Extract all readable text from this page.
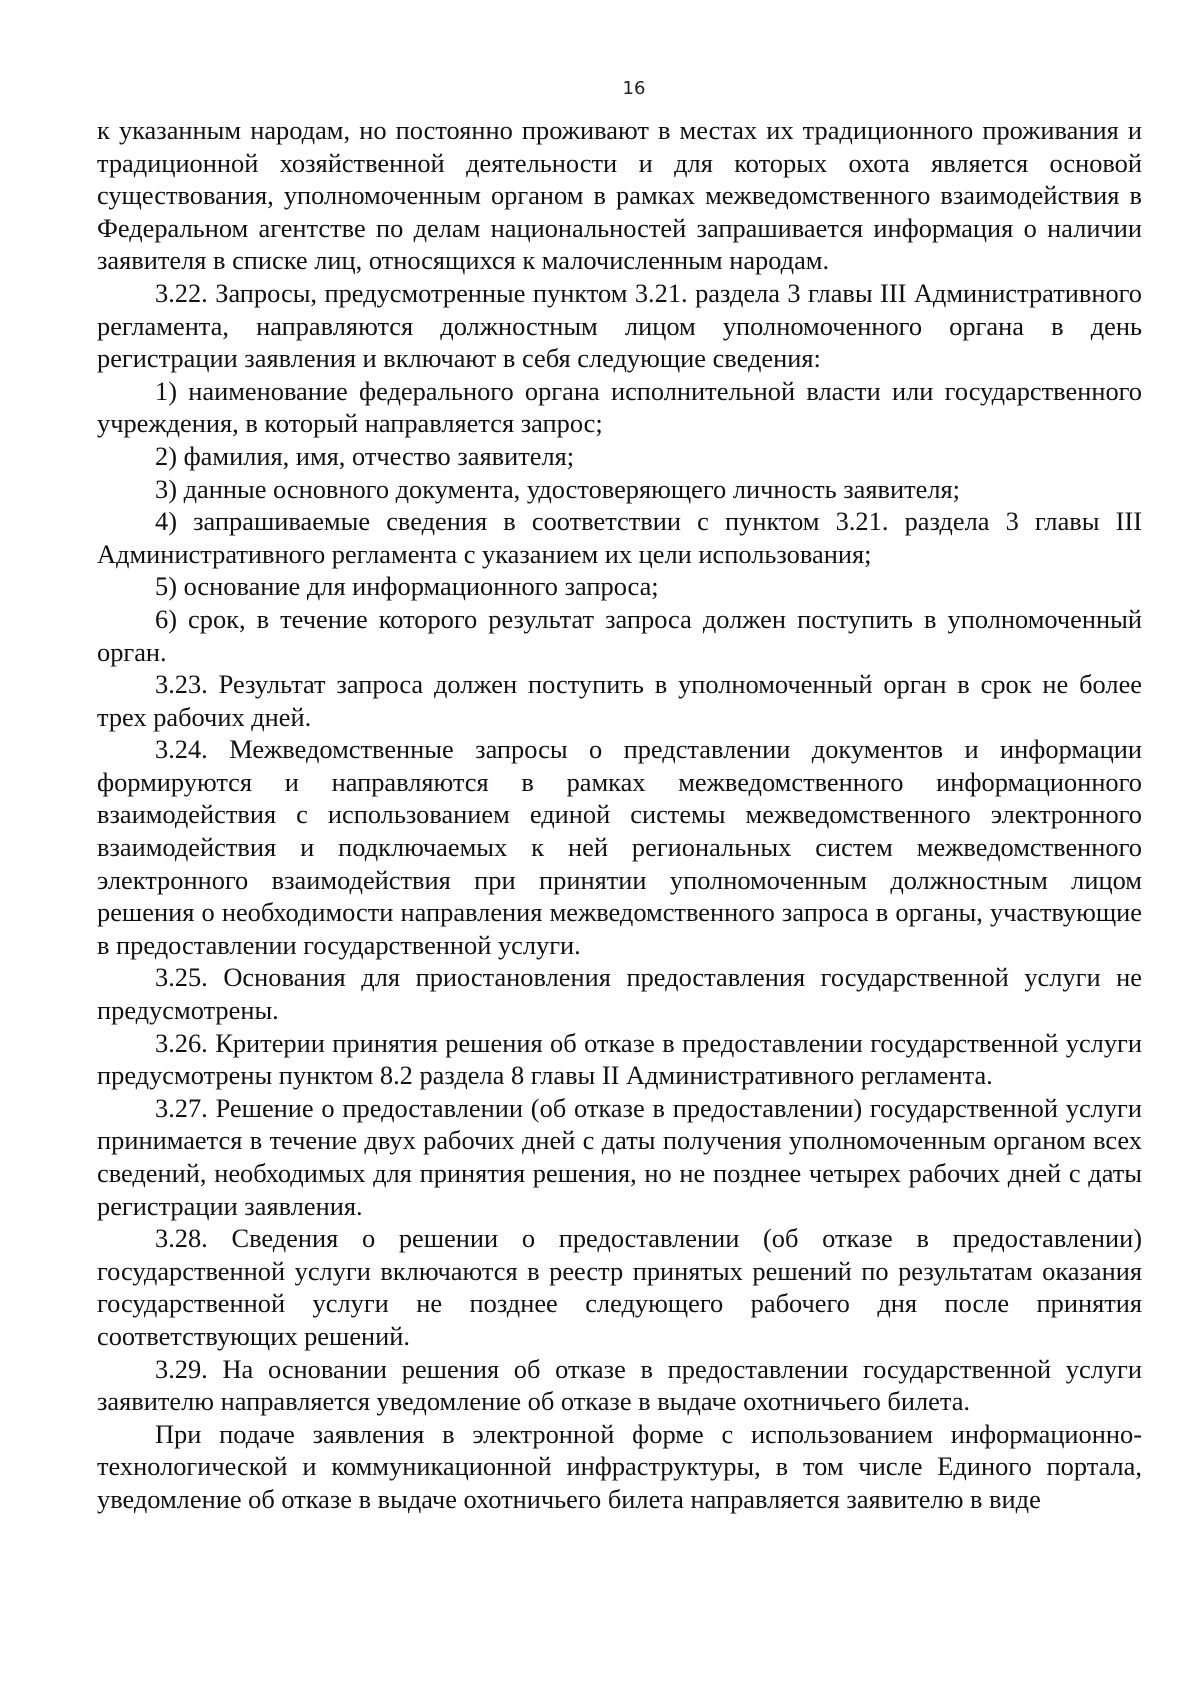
16

к указанным народам, но постоянно проживают в местах их традиционного проживания и традиционной хозяйственной деятельности и для которых охота является основой существования, уполномоченным органом в рамках межведомственного взаимодействия в Федеральном агентстве по делам национальностей запрашивается информация о наличии заявителя в списке лиц, относящихся к малочисленным народам.

3.22. Запросы, предусмотренные пунктом 3.21. раздела 3 главы III Административного регламента, направляются должностным лицом уполномоченного органа в день регистрации заявления и включают в себя следующие сведения:

1) наименование федерального органа исполнительной власти или государственного учреждения, в который направляется запрос;

2) фамилия, имя, отчество заявителя;

3) данные основного документа, удостоверяющего личность заявителя;

4) запрашиваемые сведения в соответствии с пунктом 3.21. раздела 3 главы III Административного регламента с указанием их цели использования;

5) основание для информационного запроса;

6) срок, в течение которого результат запроса должен поступить в уполномоченный орган.

3.23. Результат запроса должен поступить в уполномоченный орган в срок не более трех рабочих дней.

3.24. Межведомственные запросы о представлении документов и информации формируются и направляются в рамках межведомственного информационного взаимодействия с использованием единой системы межведомственного электронного взаимодействия и подключаемых к ней региональных систем межведомственного электронного взаимодействия при принятии уполномоченным должностным лицом решения о необходимости направления межведомственного запроса в органы, участвующие в предоставлении государственной услуги.

3.25. Основания для приостановления предоставления государственной услуги не предусмотрены.

3.26. Критерии принятия решения об отказе в предоставлении государственной услуги предусмотрены пунктом 8.2 раздела 8 главы II Административного регламента.

3.27. Решение о предоставлении (об отказе в предоставлении) государственной услуги принимается в течение двух рабочих дней с даты получения уполномоченным органом всех сведений, необходимых для принятия решения, но не позднее четырех рабочих дней с даты регистрации заявления.

3.28. Сведения о решении о предоставлении (об отказе в предоставлении) государственной услуги включаются в реестр принятых решений по результатам оказания государственной услуги не позднее следующего рабочего дня после принятия соответствующих решений.

3.29. На основании решения об отказе в предоставлении государственной услуги заявителю направляется уведомление об отказе в выдаче охотничьего билета.

При подаче заявления в электронной форме с использованием информационно-технологической и коммуникационной инфраструктуры, в том числе Единого портала, уведомление об отказе в выдаче охотничьего билета направляется заявителю в виде
